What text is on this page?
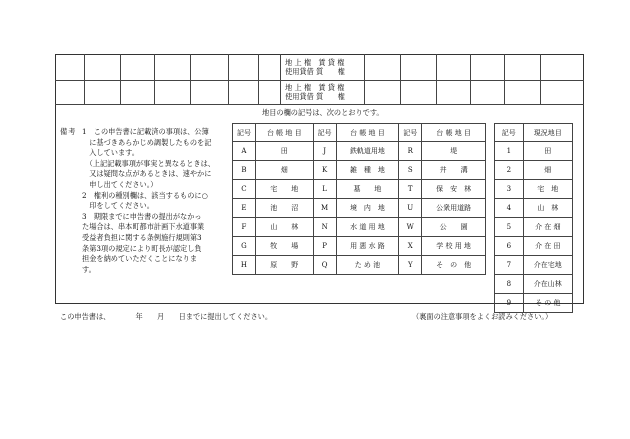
地 上 権　賃 貸 権
使用貸借 質　　権
地 上 権　賃 貸 権
使用貸借 質　　権
地目の欄の記号は、次のとおりです。
備考 1　この申告書に記載済の事項は、公簿
　に基づきあらかじめ調製したものを記
　入しています。
　（上記記載事項が事実と異なるときは、
　又は疑問な点があるときは、速やかに
　申し出てください。）
2　権利の種別欄は、該当するものに○
　印をしてください。
3　期限までに申告書の提出がなかっ
た場合は、串本町都市計画下水道事業
受益者負担に関する条例施行規則第3
条第3項の規定により町長が認定し負
担金を納めていただくことになりま
す。
記号	台 帳 地 目	記号	台 帳 地 目	記号	台 帳 地 目
A	田	J	鉄軌道用地	R	堤
B	畑	K	雑　種　地	S	井　　溝
C	宅　　地	L	墓　　地	T	保　安　林
E	池　　沼	M	境　内　地	U	公衆用道路
F	山　　林	N	水 道 用 地	W	公　　園
G	牧　　場	P	用 悪 水 路	X	学 校 用 地
H	原　　野	Q	た め 池	Y	そ　の　他
記号	現況地目
1	田
2	畑
3	宅　地
4	山　林
5	介 在 畑
6	介 在 田
7	介在宅地
8	介在山林
9	そ の 他
この申告書は、　　　　年　　月　　日までに提出してください。	（裏面の注意事項をよくお読みください。）
